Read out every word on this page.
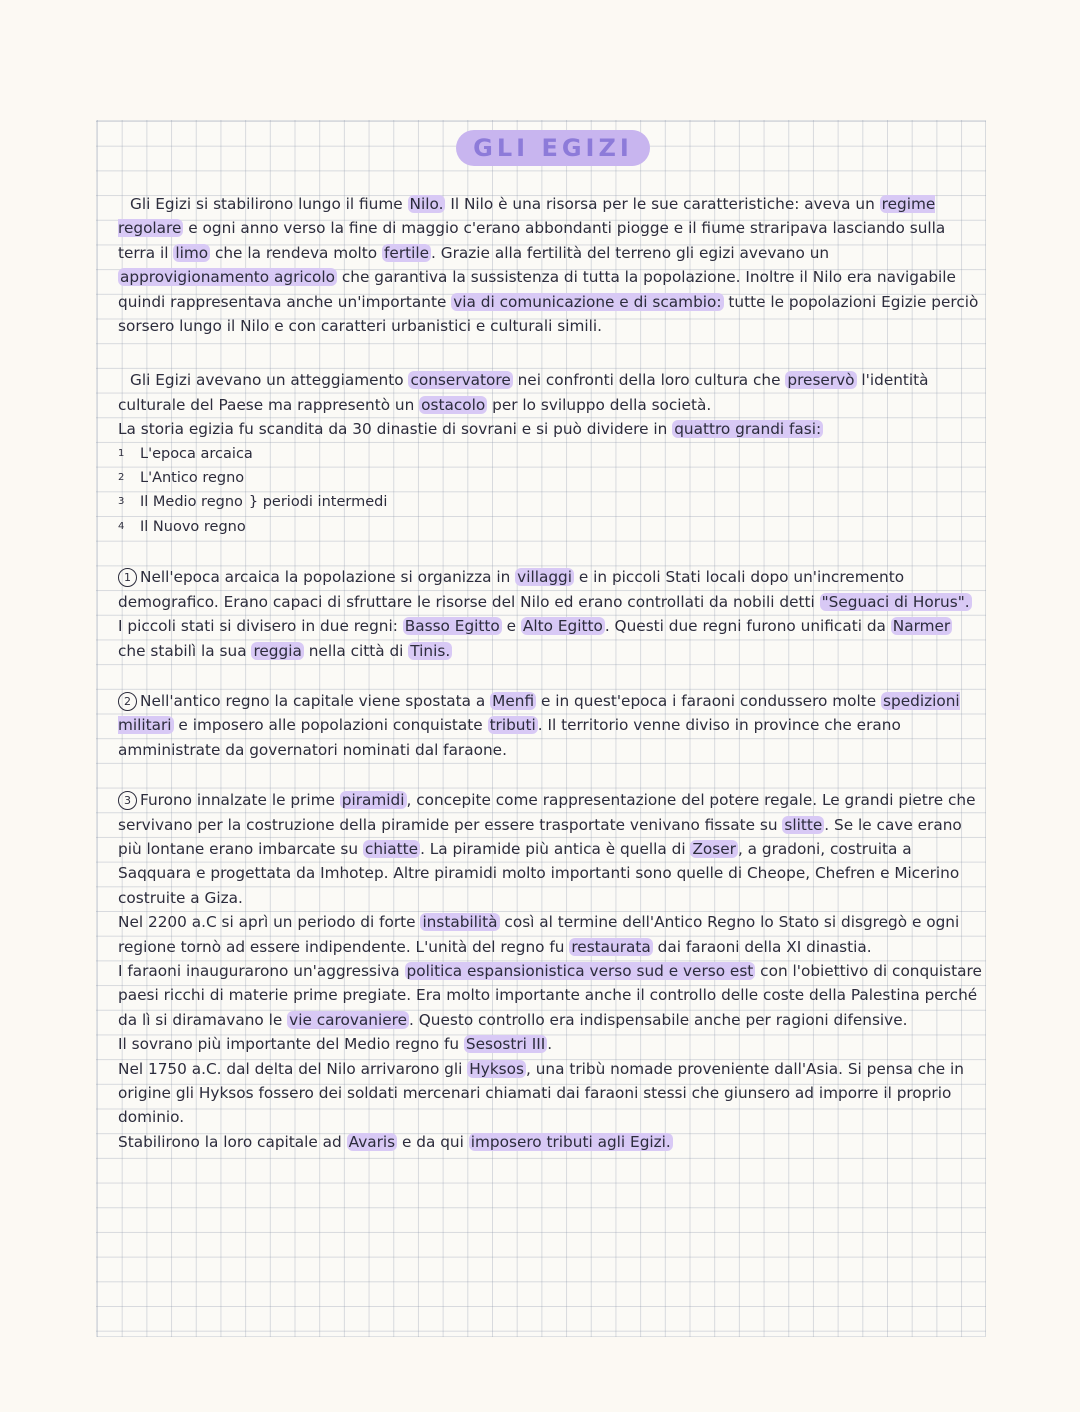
GLI EGIZI

Gli Egizi si stabilirono lungo il fiume Nilo. Il Nilo è una risorsa per le sue caratteristiche: aveva un regime regolare e ogni anno verso la fine di maggio c'erano abbondanti piogge e il fiume straripava lasciando sulla terra il limo che la rendeva molto fertile . Grazie alla fertilità del terreno gli egizi avevano un approvigionamento agricolo che garantiva la sussistenza di tutta la popolazione. Inoltre il Nilo era navigabile quindi rappresentava anche un'importante via di comunicazione e di scambio: tutte le popolazioni Egizie perciò sorsero lungo il Nilo e con caratteri urbanistici e culturali simili.

Gli Egizi avevano un atteggiamento conservatore nei confronti della loro cultura che preservò l'identità culturale del Paese ma rappresentò un ostacolo per lo sviluppo della società.
La storia egizia fu scandita da 30 dinastie di sovrani e si può dividere in quattro grandi fasi:

1 L'epoca arcaica
2 L'Antico regno
3 Il Medio regno } periodi intermedi
4 Il Nuovo regno

1 Nell'epoca arcaica la popolazione si organizza in villaggi e in piccoli Stati locali dopo un'incremento demografico. Erano capaci di sfruttare le risorse del Nilo ed erano controllati da nobili detti "Seguaci di Horus".
I piccoli stati si divisero in due regni: Basso Egitto e Alto Egitto . Questi due regni furono unificati da Narmer che stabilì la sua reggia nella città di Tinis.

2 Nell'antico regno la capitale viene spostata a Menfi e in quest'epoca i faraoni condussero molte spedizioni militari e imposero alle popolazioni conquistate tributi . Il territorio venne diviso in province che erano amministrate da governatori nominati dal faraone.

3 Furono innalzate le prime piramidi , concepite come rappresentazione del potere regale. Le grandi pietre che servivano per la costruzione della piramide per essere trasportate venivano fissate su slitte . Se le cave erano più lontane erano imbarcate su chiatte . La piramide più antica è quella di Zoser , a gradoni, costruita a Saqquara e progettata da Imhotep. Altre piramidi molto importanti sono quelle di Cheope, Chefren e Micerino costruite a Giza.
Nel 2200 a.C si aprì un periodo di forte instabilità così al termine dell'Antico Regno lo Stato si disgregò e ogni regione tornò ad essere indipendente. L'unità del regno fu restaurata dai faraoni della XI dinastia.
I faraoni inaugurarono un'aggressiva politica espansionistica verso sud e verso est con l'obiettivo di conquistare paesi ricchi di materie prime pregiate. Era molto importante anche il controllo delle coste della Palestina perché da lì si diramavano le vie carovaniere . Questo controllo era indispensabile anche per ragioni difensive.
Il sovrano più importante del Medio regno fu Sesostri III .
Nel 1750 a.C. dal delta del Nilo arrivarono gli Hyksos , una tribù nomade proveniente dall'Asia. Si pensa che in origine gli Hyksos fossero dei soldati mercenari chiamati dai faraoni stessi che giunsero ad imporre il proprio dominio.
Stabilirono la loro capitale ad Avaris e da qui imposero tributi agli Egizi.
